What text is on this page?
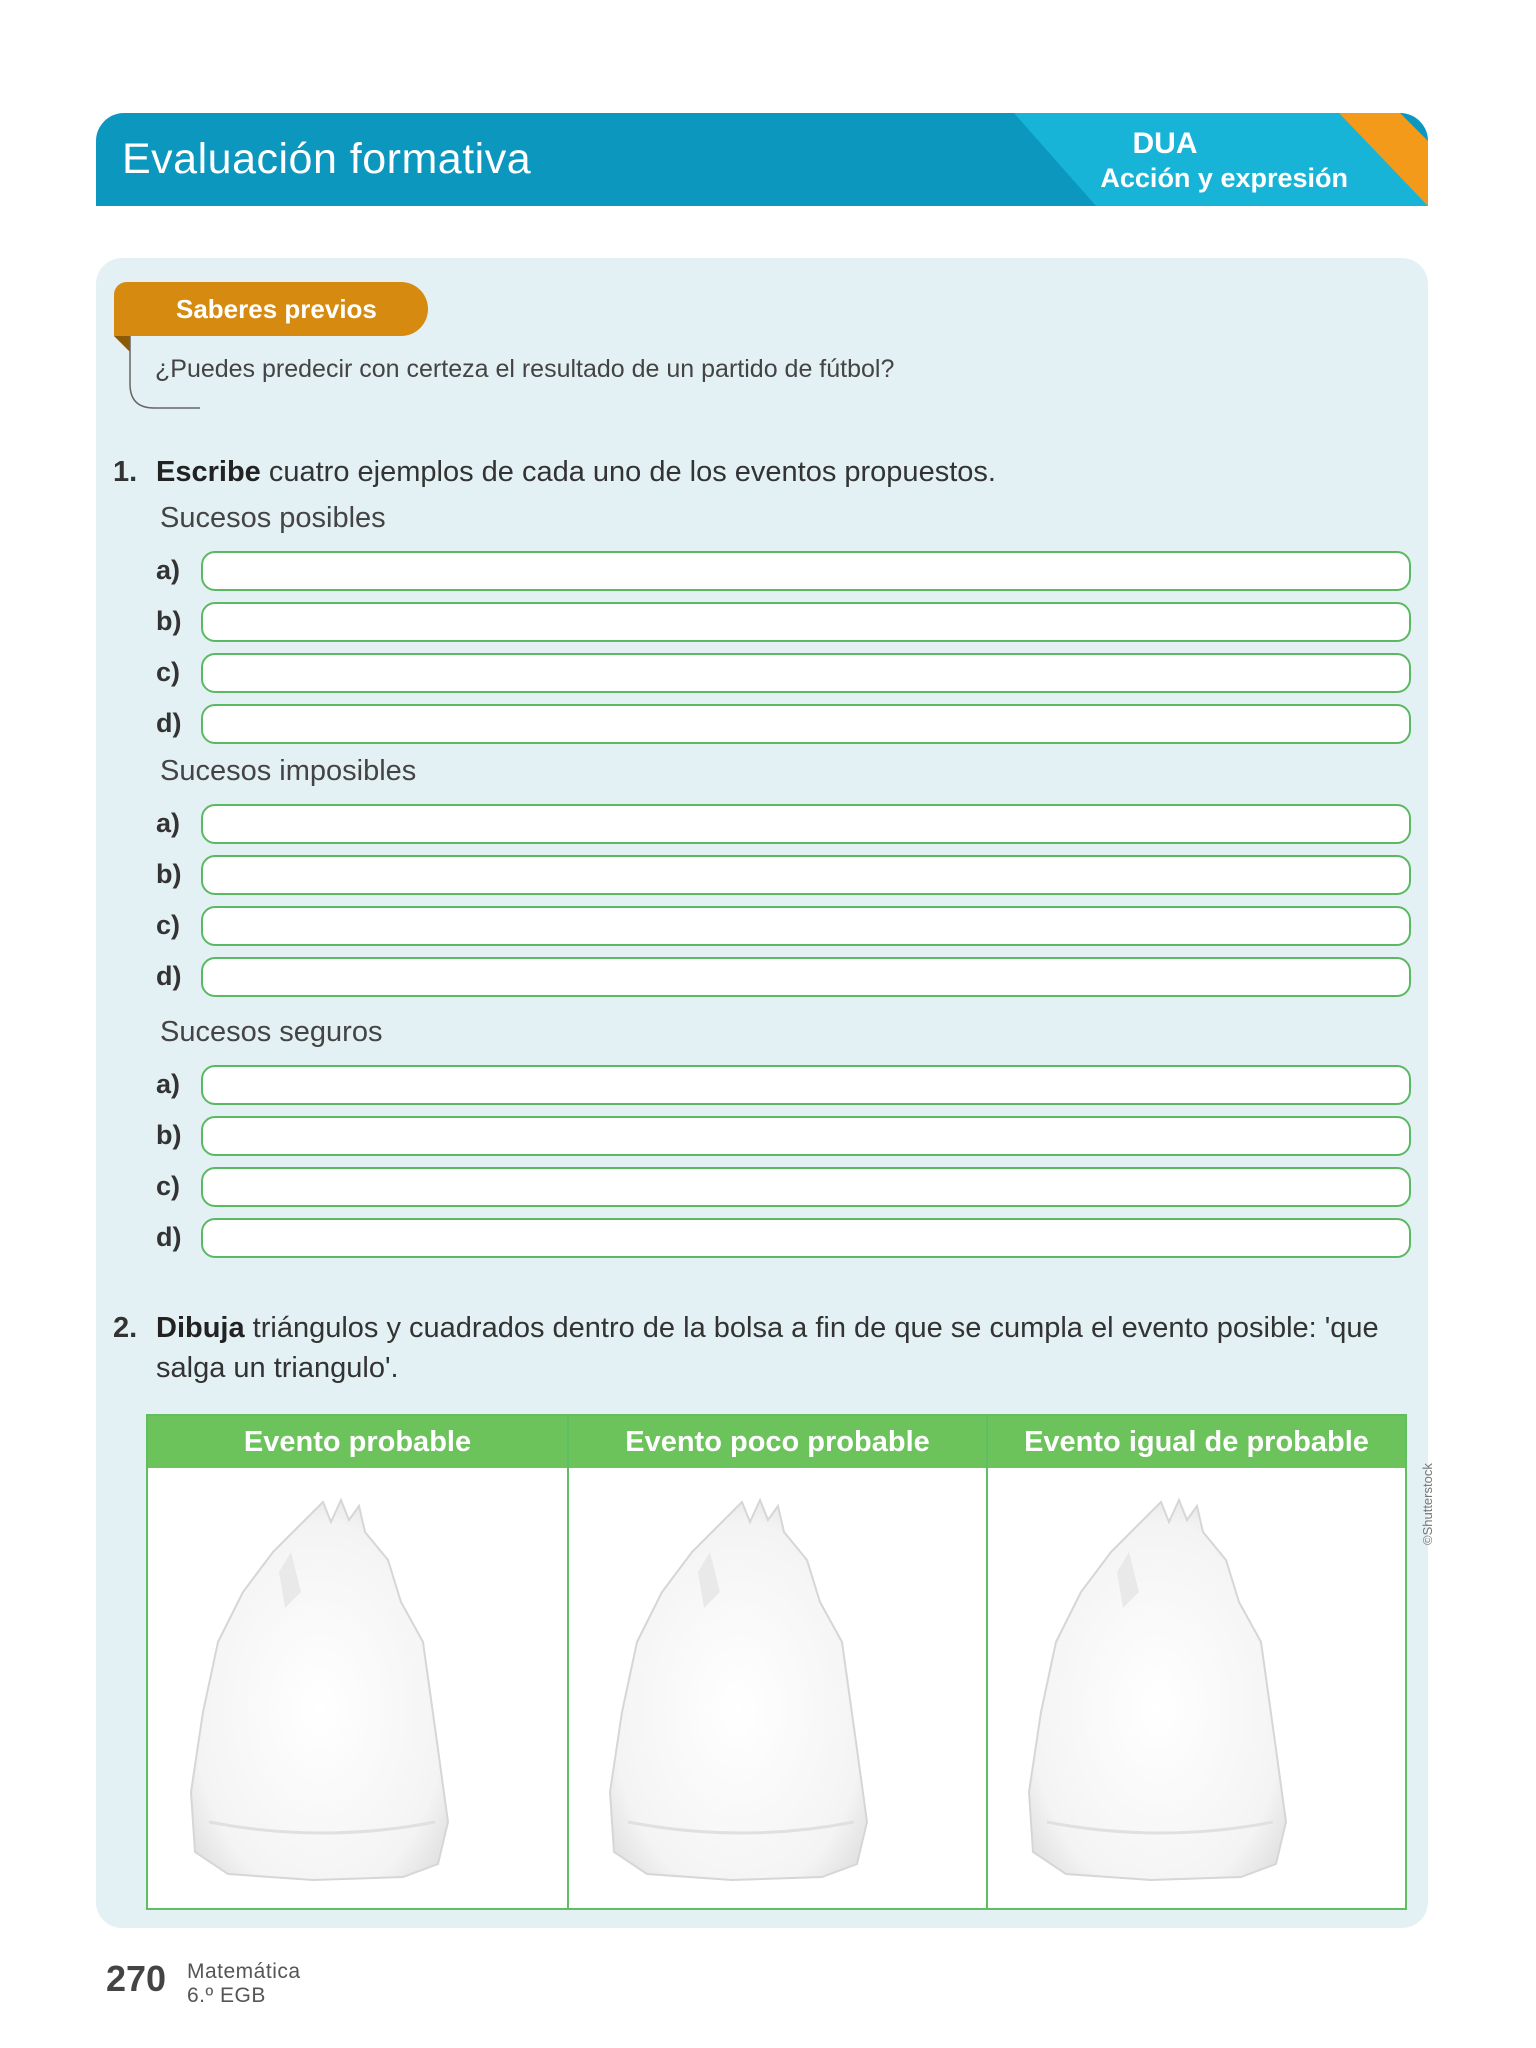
Evaluación formativa	DUA
Acción y expresión
Saberes previos
¿Puedes predecir con certeza el resultado de un partido de fútbol?
1. Escribe cuatro ejemplos de cada uno de los eventos propuestos.
Sucesos posibles
a)
b)
c)
d)
Sucesos imposibles
a)
b)
c)
d)
Sucesos seguros
a)
b)
c)
d)
2. Dibuja triángulos y cuadrados dentro de la bolsa a fin de que se cumpla el evento posible: 'que salga un triangulo'.
Evento probable	Evento poco probable	Evento igual de probable
©Shutterstock
270 Matemática
6.º EGB
